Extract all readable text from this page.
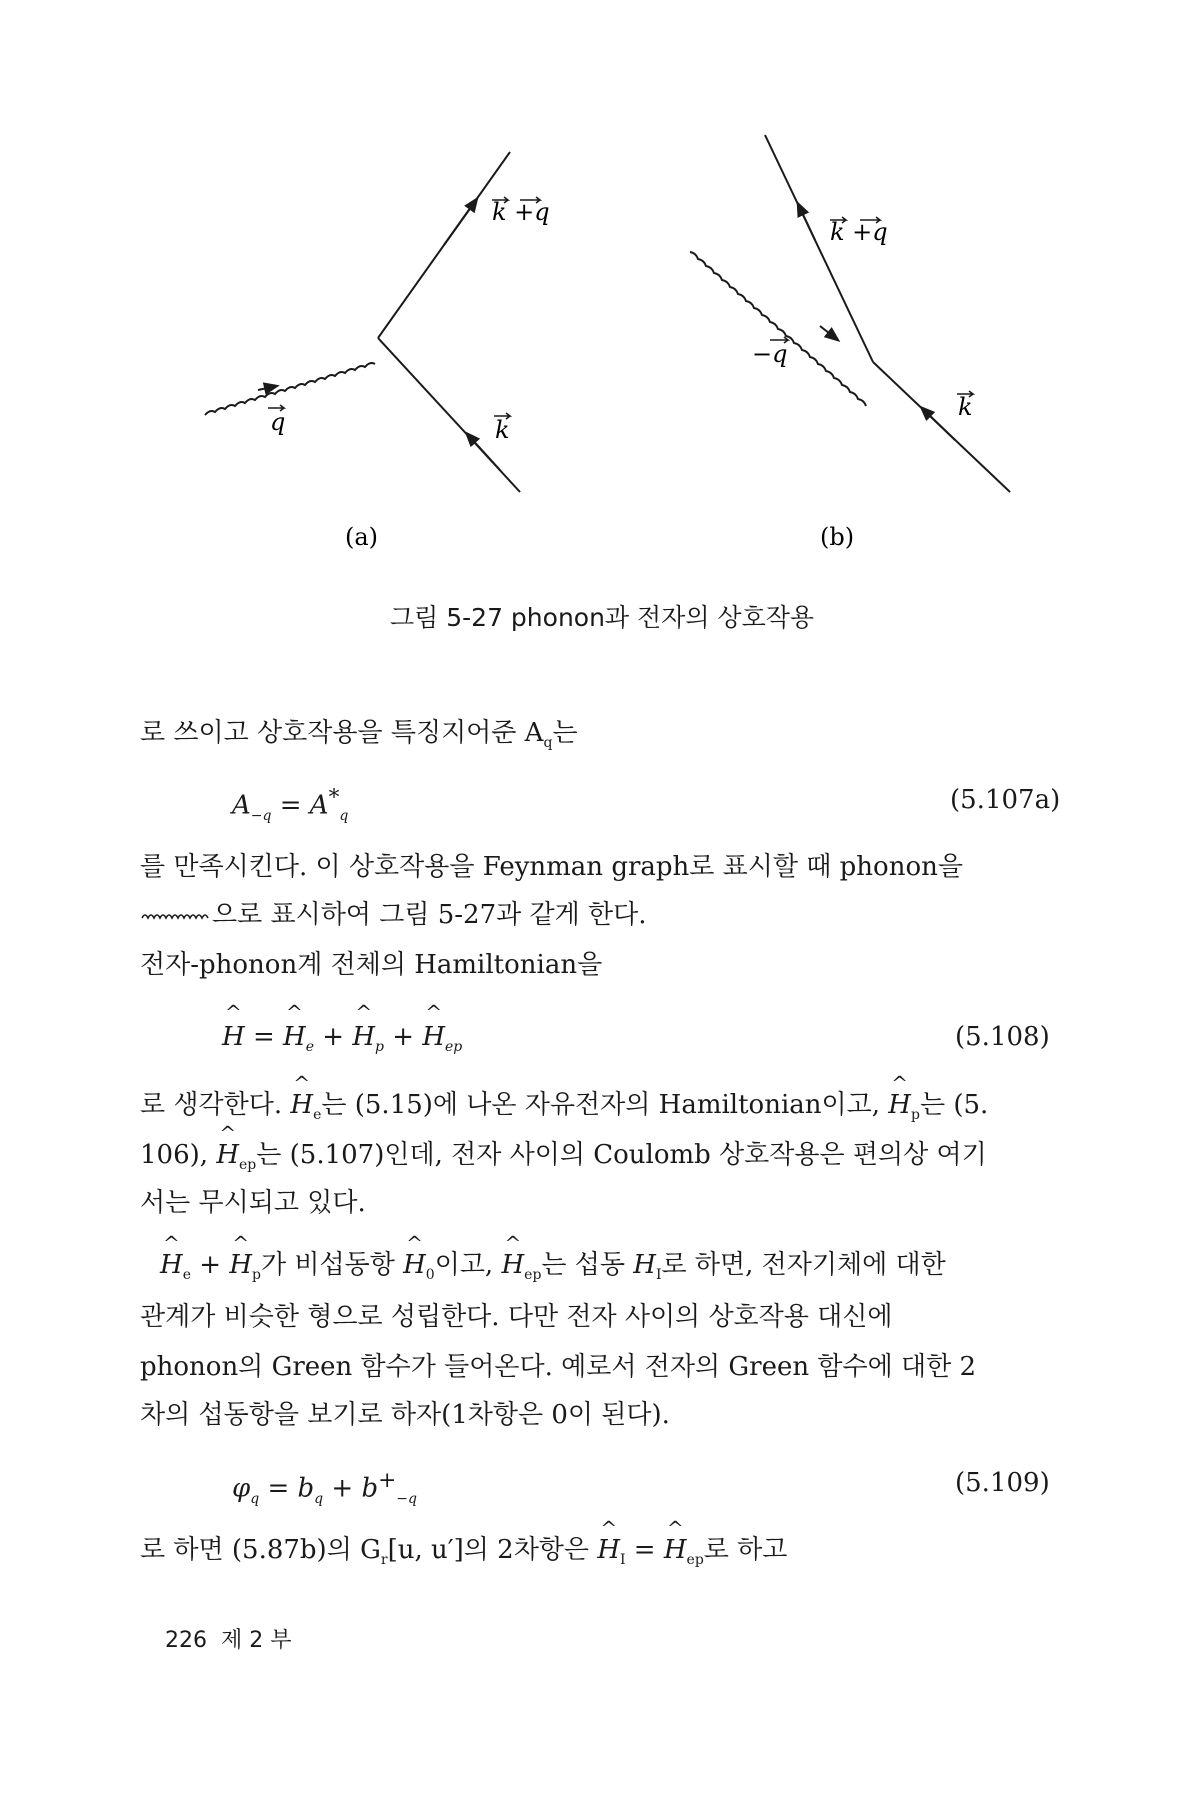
k +q
q	k
(a)
k +q
−q
k
(b)
그림 5-27 phonon과 전자의 상호작용
로 쓰이고 상호작용을 특징지어준 $A_q$는
$A_{-q} = A^*_q$
(5.107a)
를 만족시킨다. 이 상호작용을 Feynman graph로 표시할 때 phonon을
으로 표시하여 그림 5-27과 같게 한다.
전자-phonon계 전체의 Hamiltonian을
^ H = ^ $H_e$ + ^ $H_p$ + ^ $H_{ep}$	(5.108)
로 생각한다. ^ $H_e$는 (5.15)에 나온 자유전자의 Hamiltonian이고, ^ $H_p$는 (5.
106), ^ $H_{ep}$는 (5.107)인데, 전자 사이의 Coulomb 상호작용은 편의상 여기
서는 무시되고 있다.
^ $H_e$ + ^ $H_p$가 비섭동항 ^ $H_0$이고, ^ $H_{ep}$는 섭동 $H_I$로 하면, 전자기체에 대한
관계가 비슷한 형으로 성립한다. 다만 전자 사이의 상호작용 대신에
phonon의 Green 함수가 들어온다. 예로서 전자의 Green 함수에 대한 2
차의 섭동항을 보기로 하자(1차항은 0이 된다).
$\varphi_q = b_q + b^+_{-q}$
(5.109)
로 하면 (5.87b)의 $G_r[u$, u′]의 2차항은 ^ $H_I$ = ^ $H_{ep}$로 하고
226 제 2 부
